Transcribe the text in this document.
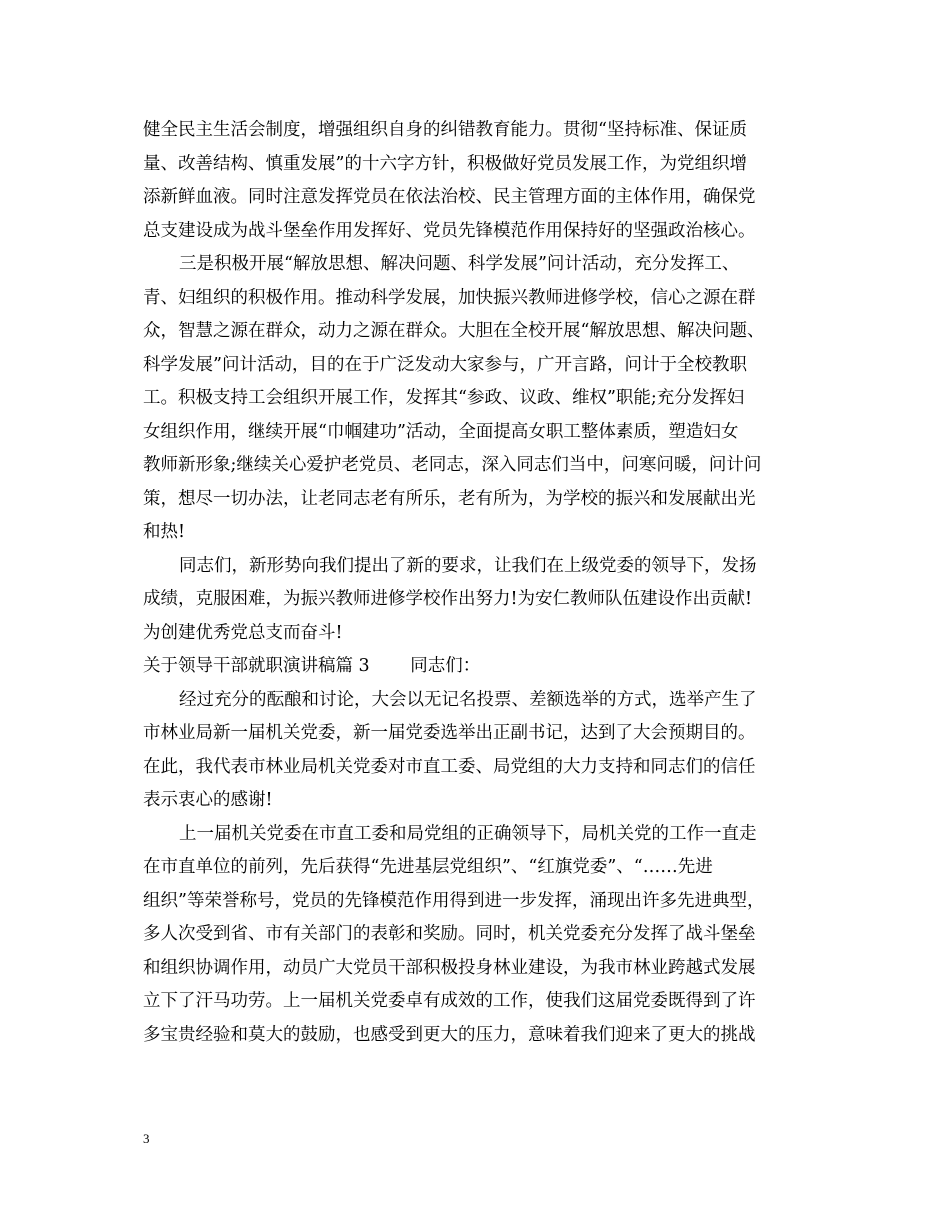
健全民主生活会制度，增强组织自身的纠错教育能力。贯彻“坚持标准、保证质
量、改善结构、慎重发展”的十六字方针，积极做好党员发展工作，为党组织增
添新鲜血液。同时注意发挥党员在依法治校、民主管理方面的主体作用，确保党
总支建设成为战斗堡垒作用发挥好、党员先锋模范作用保持好的坚强政治核心。
三是积极开展“解放思想、解决问题、科学发展”问计活动，充分发挥工、
青、妇组织的积极作用。推动科学发展，加快振兴教师进修学校，信心之源在群
众，智慧之源在群众，动力之源在群众。大胆在全校开展“解放思想、解决问题、
科学发展”问计活动，目的在于广泛发动大家参与，广开言路，问计于全校教职
工。积极支持工会组织开展工作，发挥其“参政、议政、维权”职能;充分发挥妇
女组织作用，继续开展“巾帼建功”活动，全面提高女职工整体素质，塑造妇女
教师新形象;继续关心爱护老党员、老同志，深入同志们当中，问寒问暖，问计问
策，想尽一切办法，让老同志老有所乐，老有所为，为学校的振兴和发展献出光
和热!
同志们，新形势向我们提出了新的要求，让我们在上级党委的领导下，发扬
成绩，克服困难，为振兴教师进修学校作出努力!为安仁教师队伍建设作出贡献!
为创建优秀党总支而奋斗!
关于领导干部就职演讲稿篇 3 　　同志们：
经过充分的酝酿和讨论，大会以无记名投票、差额选举的方式，选举产生了
市林业局新一届机关党委，新一届党委选举出正副书记，达到了大会预期目的。
在此，我代表市林业局机关党委对市直工委、局党组的大力支持和同志们的信任
表示衷心的感谢!
上一届机关党委在市直工委和局党组的正确领导下，局机关党的工作一直走
在市直单位的前列，先后获得“先进基层党组织”、“红旗党委”、“……先进
组织”等荣誉称号，党员的先锋模范作用得到进一步发挥，涌现出许多先进典型，
多人次受到省、市有关部门的表彰和奖励。同时，机关党委充分发挥了战斗堡垒
和组织协调作用，动员广大党员干部积极投身林业建设，为我市林业跨越式发展
立下了汗马功劳。上一届机关党委卓有成效的工作，使我们这届党委既得到了许
多宝贵经验和莫大的鼓励，也感受到更大的压力，意味着我们迎来了更大的挑战
3
